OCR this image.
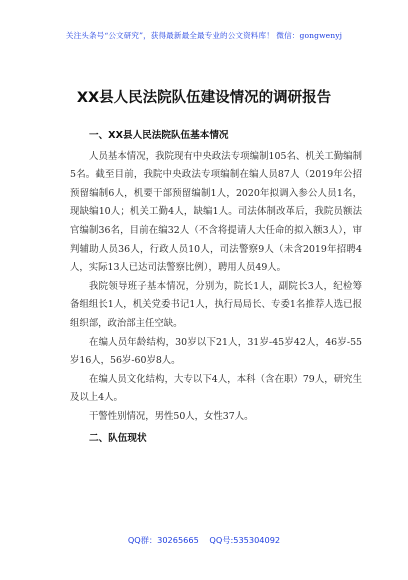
关注头条号“公文研究”，获得最新最全最专业的公文资料库！ 微信：gongwenyj
XX县人民法院队伍建设情况的调研报告
一、XX县人民法院队伍基本情况

人员基本情况，我院现有中央政法专项编制105名、机关工勤编制5名。截至目前，我院中央政法专项编制在编人员87人（2019年公招预留编制6人，机要干部预留编制1人，2020年拟调入参公人员1名，现缺编10人；机关工勤4人，缺编1人。司法体制改革后，我院员额法官编制36名，目前在编32人（不含将提请人大任命的拟入额3人），审判辅助人员36人，行政人员10人，司法警察9人（未含2019年招聘4人，实际13人已达司法警察比例），聘用人员49人。

我院领导班子基本情况，分别为，院长1人，副院长3人，纪检筹备组组长1人，机关党委书记1人，执行局局长、专委1名推荐人选已报组织部，政治部主任空缺。

在编人员年龄结构，30岁以下21人，31岁-45岁42人，46岁-55岁16人，56岁-60岁8人。

在编人员文化结构，大专以下4人，本科（含在职）79人，研究生及以上4人。

干警性别情况，男性50人，女性37人。

二、队伍现状
QQ群：30265665 QQ号:535304092
